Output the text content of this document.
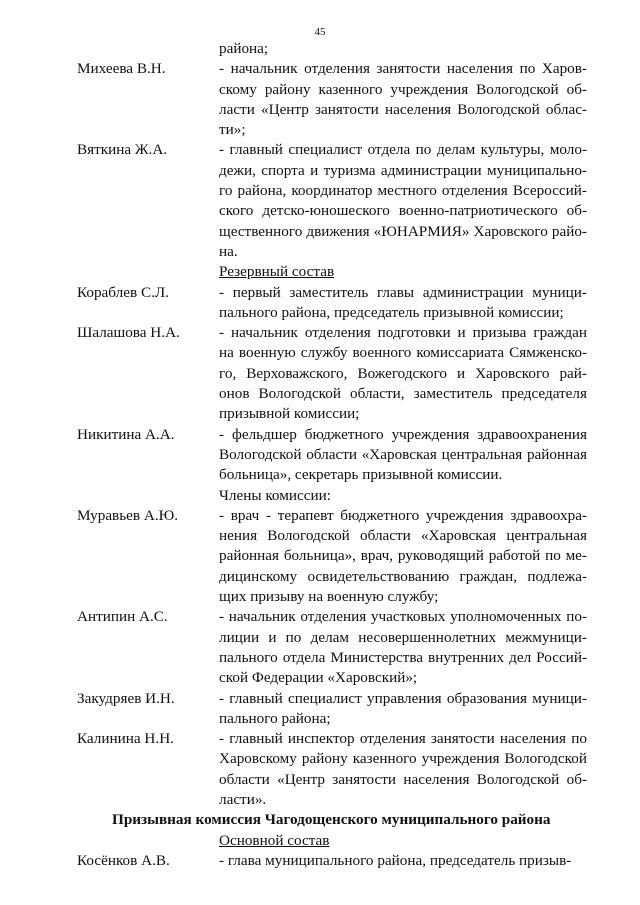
45
района;
Михеева В.Н.	- начальник отделения занятости населения по Харов-
скому району казенного учреждения Вологодской об-
ласти «Центр занятости населения Вологодской облас-
ти»;
Вяткина Ж.А.	- главный специалист отдела по делам культуры, моло-
дежи, спорта и туризма администрации муниципально-
го района, координатор местного отделения Всероссий-
ского детско-юношеского военно-патриотического об-
щественного движения «ЮНАРМИЯ» Харовского райо-
на.
Резервный состав
Кораблев С.Л.	- первый заместитель главы администрации муници-
пального района, председатель призывной комиссии;
Шалашова Н.А.	- начальник отделения подготовки и призыва граждан
на военную службу военного комиссариата Сямженско-
го, Верховажского, Вожегодского и Харовского рай-
онов Вологодской области, заместитель председателя
призывной комиссии;
Никитина А.А.	- фельдшер бюджетного учреждения здравоохранения
Вологодской области «Харовская центральная районная
больница», секретарь призывной комиссии.
Члены комиссии:
Муравьев А.Ю.	- врач - терапевт бюджетного учреждения здравоохра-
нения Вологодской области «Харовская центральная
районная больница», врач, руководящий работой по ме-
дицинскому освидетельствованию граждан, подлежа-
щих призыву на военную службу;
Антипин А.С.	- начальник отделения участковых уполномоченных по-
лиции и по делам несовершеннолетних межмуници-
пального отдела Министерства внутренних дел Россий-
ской Федерации «Харовский»;
Закудряев И.Н.	- главный специалист управления образования муници-
пального района;
Калинина Н.Н.	- главный инспектор отделения занятости населения по
Харовскому району казенного учреждения Вологодской
области «Центр занятости населения Вологодской об-
ласти».
Призывная комиссия Чагодощенского муниципального района
Основной состав
Косёнков А.В.	- глава муниципального района, председатель призыв-
